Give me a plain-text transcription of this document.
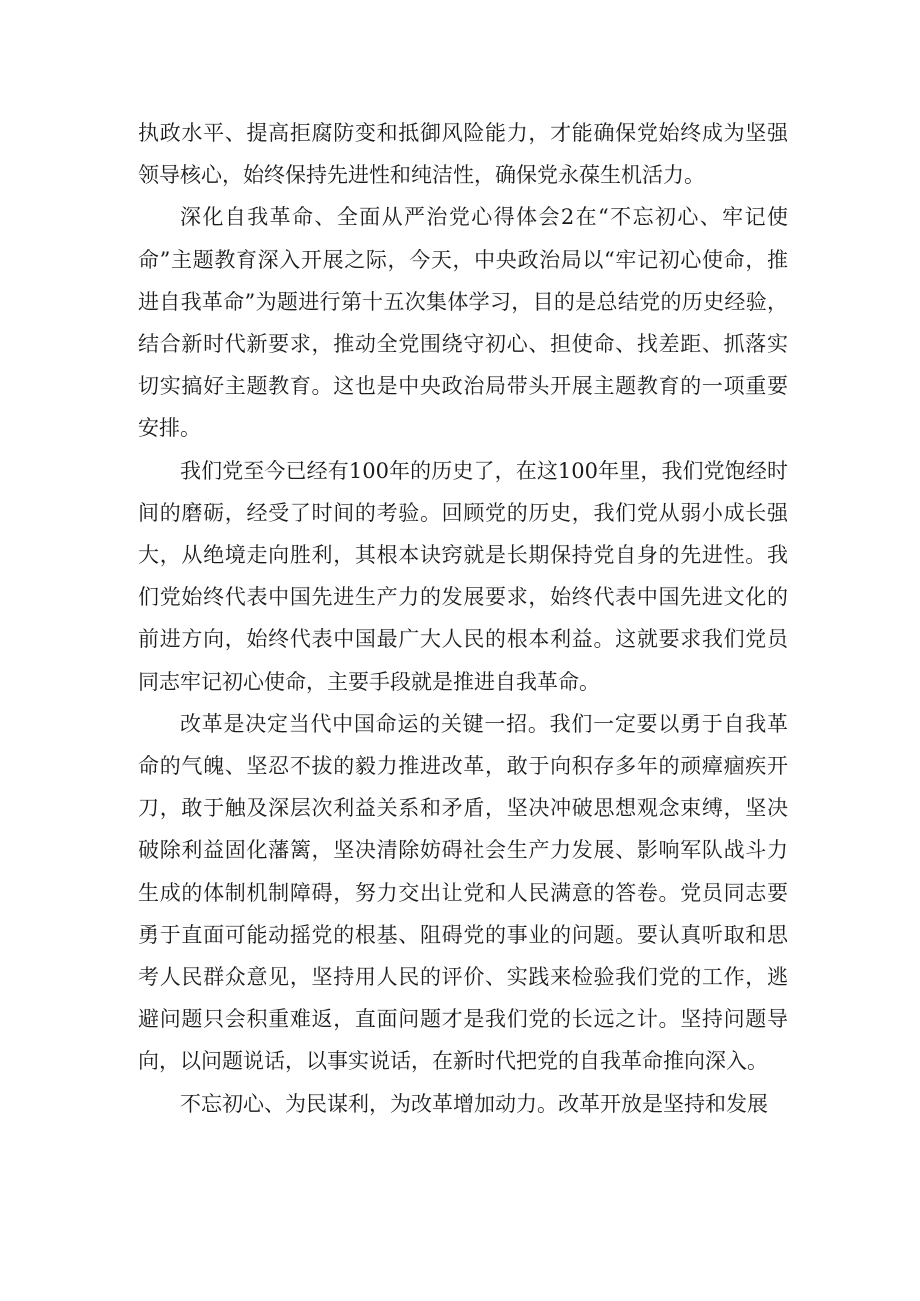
执政水平、提高拒腐防变和抵御风险能力，才能确保党始终成为坚强领导核心，始终保持先进性和纯洁性，确保党永葆生机活力。

深化自我革命、全面从严治党心得体会2在“不忘初心、牢记使命”主题教育深入开展之际，今天，中央政治局以“牢记初心使命，推进自我革命”为题进行第十五次集体学习，目的是总结党的历史经验，结合新时代新要求，推动全党围绕守初心、担使命、找差距、抓落实切实搞好主题教育。这也是中央政治局带头开展主题教育的一项重要安排。

我们党至今已经有100年的历史了，在这100年里，我们党饱经时间的磨砺，经受了时间的考验。回顾党的历史，我们党从弱小成长强大，从绝境走向胜利，其根本诀窍就是长期保持党自身的先进性。我们党始终代表中国先进生产力的发展要求，始终代表中国先进文化的前进方向，始终代表中国最广大人民的根本利益。这就要求我们党员同志牢记初心使命，主要手段就是推进自我革命。

改革是决定当代中国命运的关键一招。我们一定要以勇于自我革命的气魄、坚忍不拔的毅力推进改革，敢于向积存多年的顽瘴痼疾开刀，敢于触及深层次利益关系和矛盾，坚决冲破思想观念束缚，坚决破除利益固化藩篱，坚决清除妨碍社会生产力发展、影响军队战斗力生成的体制机制障碍，努力交出让党和人民满意的答卷。党员同志要勇于直面可能动摇党的根基、阻碍党的事业的问题。要认真听取和思考人民群众意见，坚持用人民的评价、实践来检验我们党的工作，逃避问题只会积重难返，直面问题才是我们党的长远之计。坚持问题导向，以问题说话，以事实说话，在新时代把党的自我革命推向深入。

不忘初心、为民谋利，为改革增加动力。改革开放是坚持和发展
